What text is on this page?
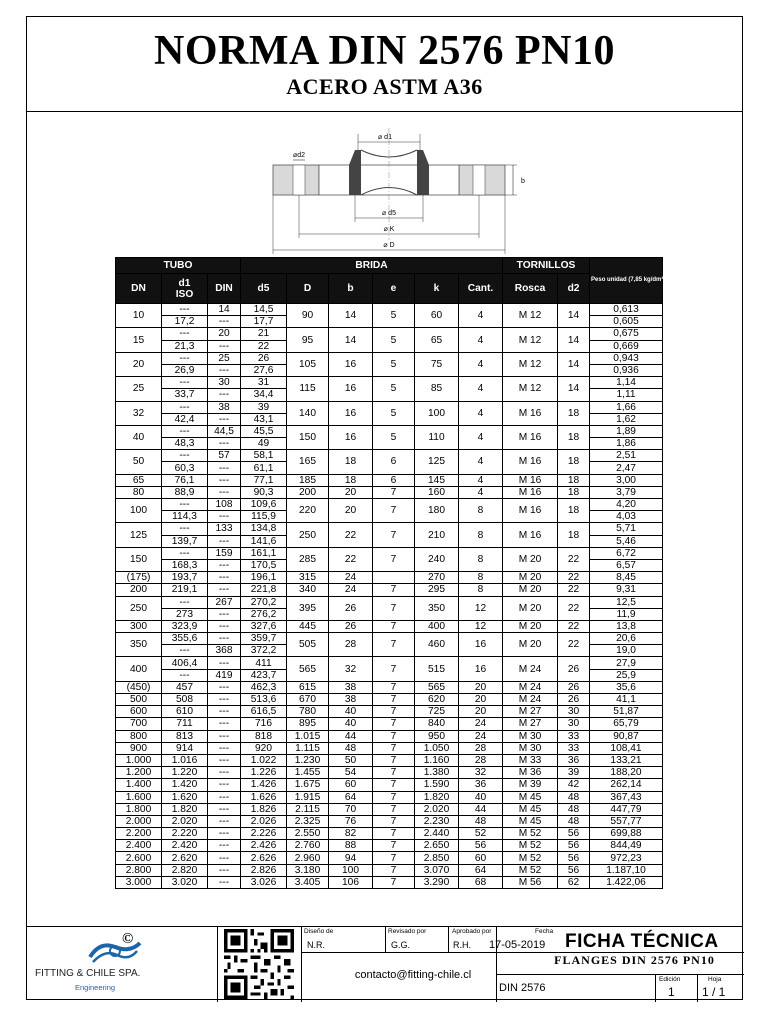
NORMA DIN 2576 PN10
ACERO ASTM A36
⌀ d1
⌀d2
b
⌀ d5
⌀ K
⌀ D
TUBO			BRIDA						TORNILLOS		Peso unidad (7,85 kg/dm³) Kg =
DN	d1
ISO	DIN	d5	D	b	e	k	Cant.	Rosca	d2	
10	---	14	14,5	90	14	5	60	4	M 12	14	0,613
	17,2	---	17,7								0,605
15	---	20	21	95	14	5	65	4	M 12	14	0,675
	21,3	---	22								0,669
20	---	25	26	105	16	5	75	4	M 12	14	0,943
	26,9	---	27,6								0,936
25	---	30	31	115	16	5	85	4	M 12	14	1,14
	33,7	---	34,4								1,11
32	---	38	39	140	16	5	100	4	M 16	18	1,66
	42,4	---	43,1								1,62
40	---	44,5	45,5	150	16	5	110	4	M 16	18	1,89
	48,3	---	49								1,86
50	---	57	58,1	165	18	6	125	4	M 16	18	2,51
	60,3	---	61,1								2,47
65	76,1	---	77,1	185	18	6	145	4	M 16	18	3,00
80	88,9	---	90,3	200	20	7	160	4	M 16	18	3,79
100	---	108	109,6	220	20	7	180	8	M 16	18	4,20
	114,3	---	115,9								4,03
125	---	133	134,8	250	22	7	210	8	M 16	18	5,71
	139,7	---	141,6								5,46
150	---	159	161,1	285	22	7	240	8	M 20	22	6,72
	168,3	---	170,5								6,57
(175)	193,7	---	196,1	315	24		270	8	M 20	22	8,45
200	219,1	---	221,8	340	24	7	295	8	M 20	22	9,31
250	---	267	270,2	395	26	7	350	12	M 20	22	12,5
	273	---	276,2								11,9
300	323,9	---	327,6	445	26	7	400	12	M 20	22	13,8
350	355,6	---	359,7	505	28	7	460	16	M 20	22	20,6
	---	368	372,2								19,0
400	406,4	---	411	565	32	7	515	16	M 24	26	27,9
	---	419	423,7								25,9
(450)	457	---	462,3	615	38	7	565	20	M 24	26	35,6
500	508	---	513,6	670	38	7	620	20	M 24	26	41,1
600	610	---	616,5	780	40	7	725	20	M 27	30	51,87
700	711	---	716	895	40	7	840	24	M 27	30	65,79
800	813	---	818	1.015	44	7	950	24	M 30	33	90,87
900	914	---	920	1.115	48	7	1.050	28	M 30	33	108,41
1.000	1.016	---	1.022	1.230	50	7	1.160	28	M 33	36	133,21
1.200	1.220	---	1.226	1.455	54	7	1.380	32	M 36	39	188,20
1.400	1.420	---	1.426	1.675	60	7	1.590	36	M 39	42	262,14
1.600	1.620	---	1.626	1.915	64	7	1.820	40	M 45	48	367,43
1.800	1.820	---	1.826	2.115	70	7	2.020	44	M 45	48	447,79
2.000	2.020	---	2.026	2.325	76	7	2.230	48	M 45	48	557,77
2.200	2.220	---	2.226	2.550	82	7	2.440	52	M 52	56	699,88
2.400	2.420	---	2.426	2.760	88	7	2.650	56	M 52	56	844,49
2.600	2.620	---	2.626	2.960	94	7	2.850	60	M 52	56	972,23
2.800	2.820	---	2.826	3.180	100	7	3.070	64	M 52	56	1.187,10
3.000	3.020	---	3.026	3.405	106	7	3.290	68	M 56	62	1.422,06
©
FITTING & CHILE SPA.
Engineering
Diseño de
N.R.
Revisado por
G.G.
Aprobado por
R.H.
Fecha
17-05-2019 FICHA TÉCNICA
FLANGES DIN 2576 PN10
contacto@fitting-chile.cl
DIN 2576
Edición
1
Hoja
1 / 1
